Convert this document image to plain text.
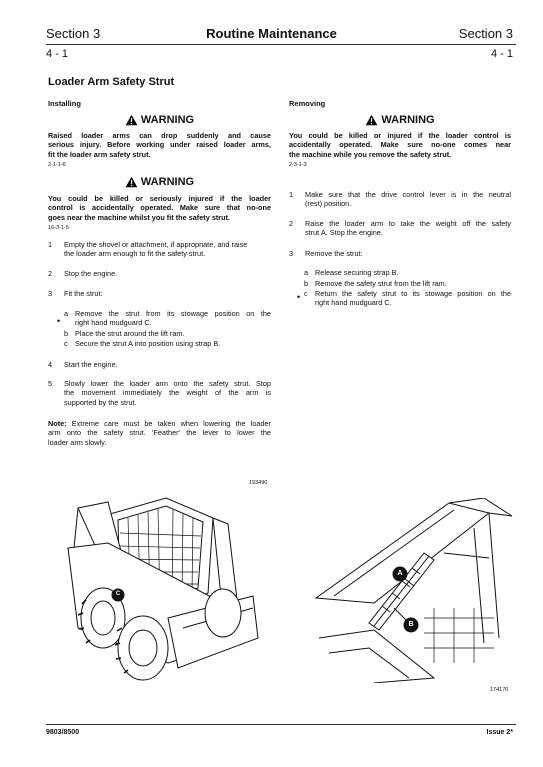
Section 3	Routine Maintenance	Section 3
4 - 1	4 - 1
Loader Arm Safety Strut
Installing
WARNING
Raised loader arms can drop suddenly and cause
serious injury. Before working under raised loader arms,
fit the loader arm safety strut.
2-1-1-6
WARNING
You could be killed or seriously injured if the loader
control is accidentally operated. Make sure that no-one
goes near the machine whilst you fit the safety strut.
16-3-1-5
1 Empty the shovel or attachment, if appropriate, and raise
the loader arm enough to fit the safety strut.
2 Stop the engine.
3 Fit the strut:
a Remove the strut from its stowage position on the
right hand mudguard C.
•
b Place the strut around the lift ram.
c Secure the strut A into position using strap B.
4 Start the engine.
5 Slowly lower the loader arm onto the safety strut. Stop
the movement immediately the weight of the arm is
supported by the strut.
Note: Extreme care must be taken when lowering the loader
arm onto the safety strut. 'Feather' the lever to lower the
loader arm slowly.
193490
C
Removing
WARNING
You could be killed or injured if the loader control is
accidentally operated. Make sure no-one comes near
the machine while you remove the safety strut.
2-3-1-3
1 Make sure that the drive control lever is in the neutral
(rest) position.
2 Raise the loader arm to take the weight off the safety
strut A. Stop the engine.
3 Remove the strut:
a Release securing strap B.
b Remove the safety strut from the lift ram.
c Return the safety strut to its stowage position on the
right hand mudguard C.
•
A
B
174170
9803/8500	Issue 2*
